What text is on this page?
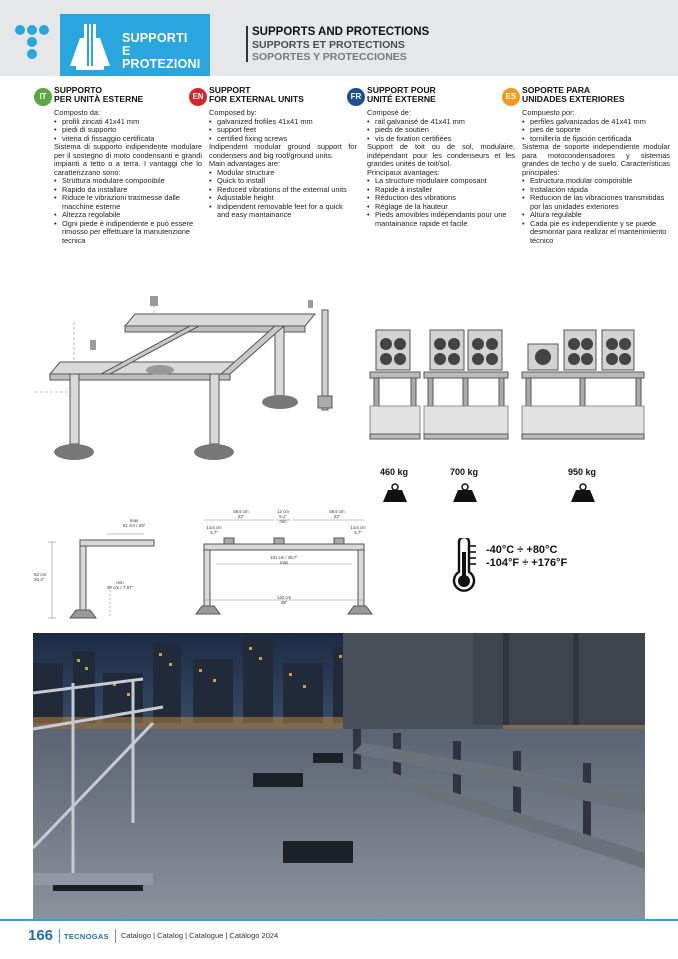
SUPPORTI
E PROTEZIONI
SUPPORTS AND PROTECTIONS
SUPPORTS ET PROTECTIONS
SOPORTES Y PROTECCIONES
IT
SUPPORTO
PER UNITÀ ESTERNE
Composto da:
• profili zincati 41x41 mm
• piedi di supporto
• viteria di fissaggio certificata

Sistema di supporto indipendente modulare per il sostegno di moto condensanti e grandi impianti a tetto o a terra. I vantaggi che lo caratterizzano sono:

• Struttura modulare componibile
• Rapido da installare
• Riduce le vibrazioni trasmesse dalle macchine esterne
• Altezza regolabile
• Ogni piede è indipendente e può essere rimosso per effettuare la manutenzione tecnica
EN
SUPPORT
FOR EXTERNAL UNITS
Composed by:
• galvanized frofiles 41x41 mm
• support feet
• certified fixing screws

Indipendent modular ground support for condensers and big roof/ground units.

Main advantages are:
• Modular structure
• Quick to install
• Reduced vibrations of the external units
• Adjustable height
• Indipendent removable feet for a quick and easy mantainance
FR
SUPPORT POUR
UNITÉ EXTERNE
Composé de:
• rail galvanisé de 41x41 mm
• pieds de soutien
• vis de fixation certifiées

Support de toit ou de sol, modulaire, indépendant pour les condenseurs et les grandes unités de toit/sol.

Principaux avantages:
• La structure modulaire composant
• Rapide à installer
• Réduction des vibrations
• Réglage de la hauteur
• Pieds amovibles indépendants pour une mantainance rapide et facile
ES
SOPORTE PARA
UNIDADES EXTERIORES
Compuesto por:
• perfiles galvanizados de 41x41 mm
• pies de soporte
• tornillería de fijación certificada

Sistema de soporte independiente modular para motocondensadores y sistemas grandes de techo y de suelo. Características principales:

• Estructura modular componible
• Instalación rápida
• Reducion de las vibraciones transmitidas por las unidades exteriores
• Altura regulable
• Cada pie es independiente y se puede desmontar para realizar el mantenimiento técnico
460 kg	700 kg	950 kg
max
51 cm / 20"
52 cm
20,4"
min
20 cm / 7,87"
58,6 cm
23"
13 cm
5,1"
min
58,6 cm
23"
14,6 cm
5,7"
14,6 cm
5,7"
101 cm / 39,7"
max
122 cm
48"
-40°C ÷ +80°C
-104°F ÷ +176°F
166 TECNOGAS Catalogo | Catalog | Catalogue | Catálogo 2024
